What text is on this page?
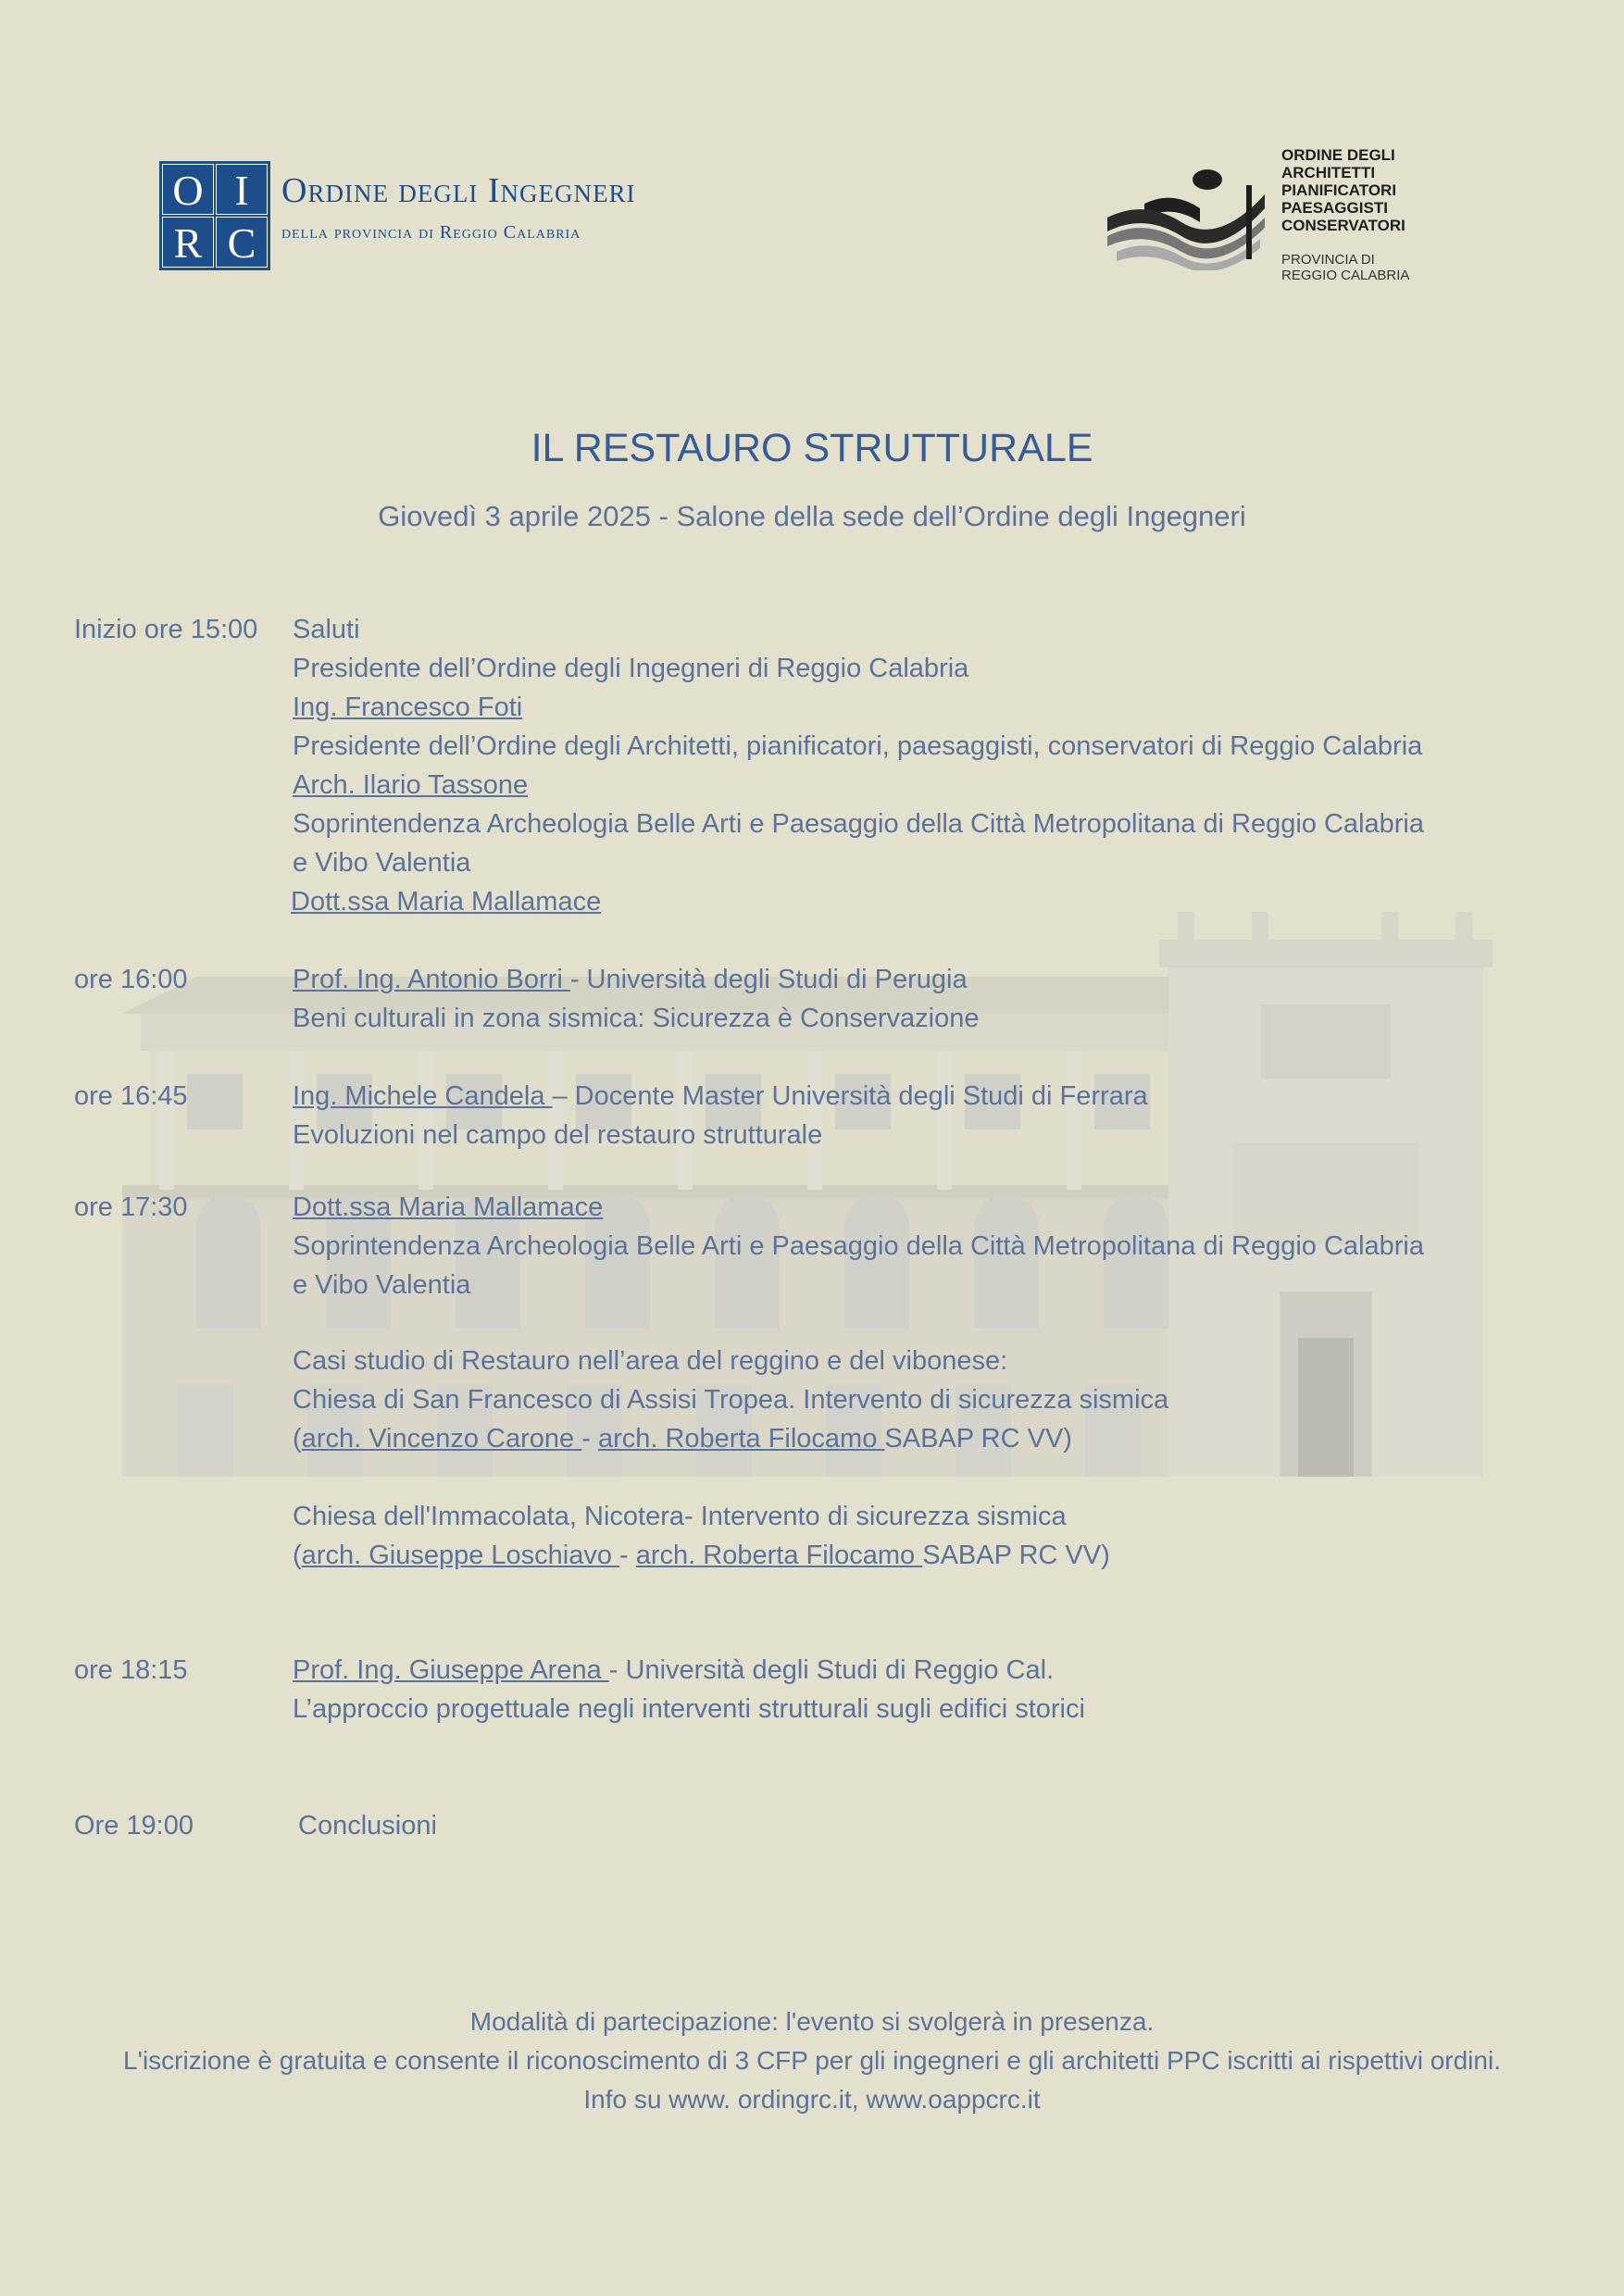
O I
R C
Ordine degli Ingegneri
della provincia di Reggio Calabria
ORDINE DEGLI
ARCHITETTI
PIANIFICATORI
PAESAGGISTI
CONSERVATORI
PROVINCIA DI
REGGIO CALABRIA
IL RESTAURO STRUTTURALE
Giovedì 3 aprile 2025 - Salone della sede dell’Ordine degli Ingegneri
Inizio ore 15:00 Saluti
Presidente dell’Ordine degli Ingegneri di Reggio Calabria
Ing. Francesco Foti
Presidente dell’Ordine degli Architetti, pianificatori, paesaggisti, conservatori di Reggio Calabria
Arch. Ilario Tassone
Soprintendenza Archeologia Belle Arti e Paesaggio della Città Metropolitana di Reggio Calabria
e Vibo Valentia
Dott.ssa Maria Mallamace
ore 16:00	Prof. Ing. Antonio Borri - Università degli Studi di Perugia
Beni culturali in zona sismica: Sicurezza è Conservazione
ore 16:45	Ing. Michele Candela – Docente Master Università degli Studi di Ferrara
Evoluzioni nel campo del restauro strutturale
ore 17:30	Dott.ssa Maria Mallamace
Soprintendenza Archeologia Belle Arti e Paesaggio della Città Metropolitana di Reggio Calabria
e Vibo Valentia
Casi studio di Restauro nell’area del reggino e del vibonese:
Chiesa di San Francesco di Assisi Tropea. Intervento di sicurezza sismica
(arch. Vincenzo Carone - arch. Roberta Filocamo SABAP RC VV)
Chiesa dell'Immacolata, Nicotera- Intervento di sicurezza sismica
(arch. Giuseppe Loschiavo - arch. Roberta Filocamo SABAP RC VV)
ore 18:15	Prof. Ing. Giuseppe Arena - Università degli Studi di Reggio Cal.
L’approccio progettuale negli interventi strutturali sugli edifici storici
Ore 19:00	Conclusioni
Modalità di partecipazione: l'evento si svolgerà in presenza.
L'iscrizione è gratuita e consente il riconoscimento di 3 CFP per gli ingegneri e gli architetti PPC iscritti ai rispettivi ordini.
Info su www. ordingrc.it, www.oappcrc.it
